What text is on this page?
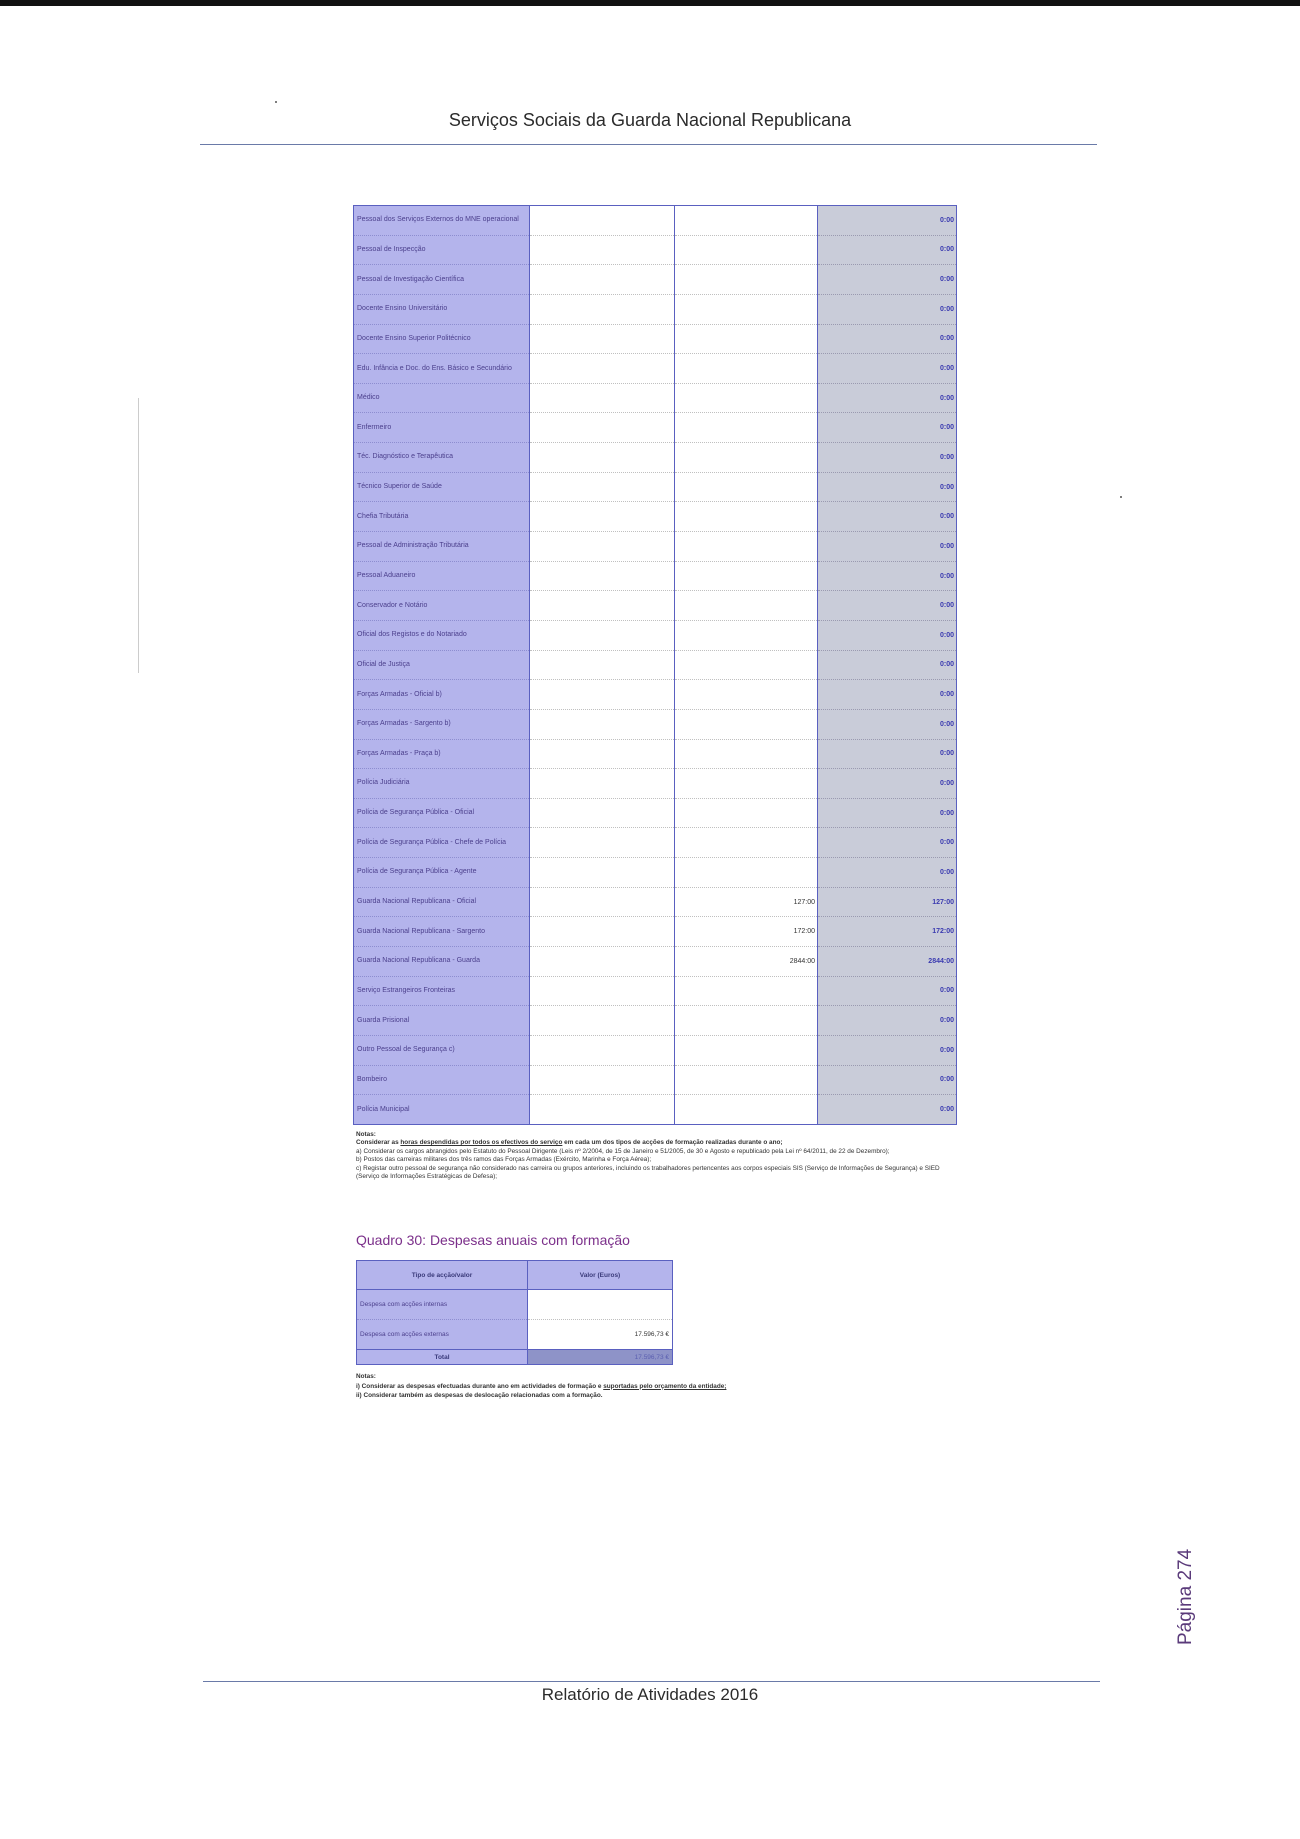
Serviços Sociais da Guarda Nacional Republicana
Pessoal dos Serviços Externos do MNE operacional			0:00
Pessoal de Inspecção			0:00
Pessoal de Investigação Científica			0:00
Docente Ensino Universitário			0:00
Docente Ensino Superior Politécnico			0:00
Edu. Infância e Doc. do Ens. Básico e Secundário			0:00
Médico			0:00
Enfermeiro			0:00
Téc. Diagnóstico e Terapêutica			0:00
Técnico Superior de Saúde			0:00
Chefia Tributária			0:00
Pessoal de Administração Tributária			0:00
Pessoal Aduaneiro			0:00
Conservador e Notário			0:00
Oficial dos Registos e do Notariado			0:00
Oficial de Justiça			0:00
Forças Armadas - Oficial b)			0:00
Forças Armadas - Sargento b)			0:00
Forças Armadas - Praça b)			0:00
Polícia Judiciária			0:00
Polícia de Segurança Pública - Oficial			0:00
Polícia de Segurança Pública - Chefe de Polícia			0:00
Polícia de Segurança Pública - Agente			0:00
Guarda Nacional Republicana - Oficial		127:00	127:00
Guarda Nacional Republicana - Sargento		172:00	172:00
Guarda Nacional Republicana - Guarda		2844:00	2844:00
Serviço Estrangeiros Fronteiras			0:00
Guarda Prisional			0:00
Outro Pessoal de Segurança c)			0:00
Bombeiro			0:00
Polícia Municipal			0:00
Notas:
Considerar as horas despendidas por todos os efectivos do serviço em cada um dos tipos de acções de formação realizadas durante o ano;
a) Considerar os cargos abrangidos pelo Estatuto do Pessoal Dirigente (Leis nº 2/2004, de 15 de Janeiro e 51/2005, de 30 e Agosto e republicado pela Lei nº 64/2011, de 22 de Dezembro);
b) Postos das carreiras militares dos três ramos das Forças Armadas (Exército, Marinha e Força Aérea);
c) Registar outro pessoal de segurança não considerado nas carreira ou grupos anteriores, incluindo os trabalhadores pertencentes aos corpos especiais SIS (Serviço de Informações de Segurança) e SIED (Serviço de Informações Estratégicas de Defesa);
Quadro 30: Despesas anuais com formação
Tipo de acção/valor	Valor (Euros)
Despesa com acções internas	
Despesa com acções externas	17.596,73 €
Total	17.596,73 €
Notas:
i) Considerar as despesas efectuadas durante ano em actividades de formação e suportadas pelo orçamento da entidade;
ii) Considerar também as despesas de deslocação relacionadas com a formação.
Página 274
Relatório de Atividades 2016
